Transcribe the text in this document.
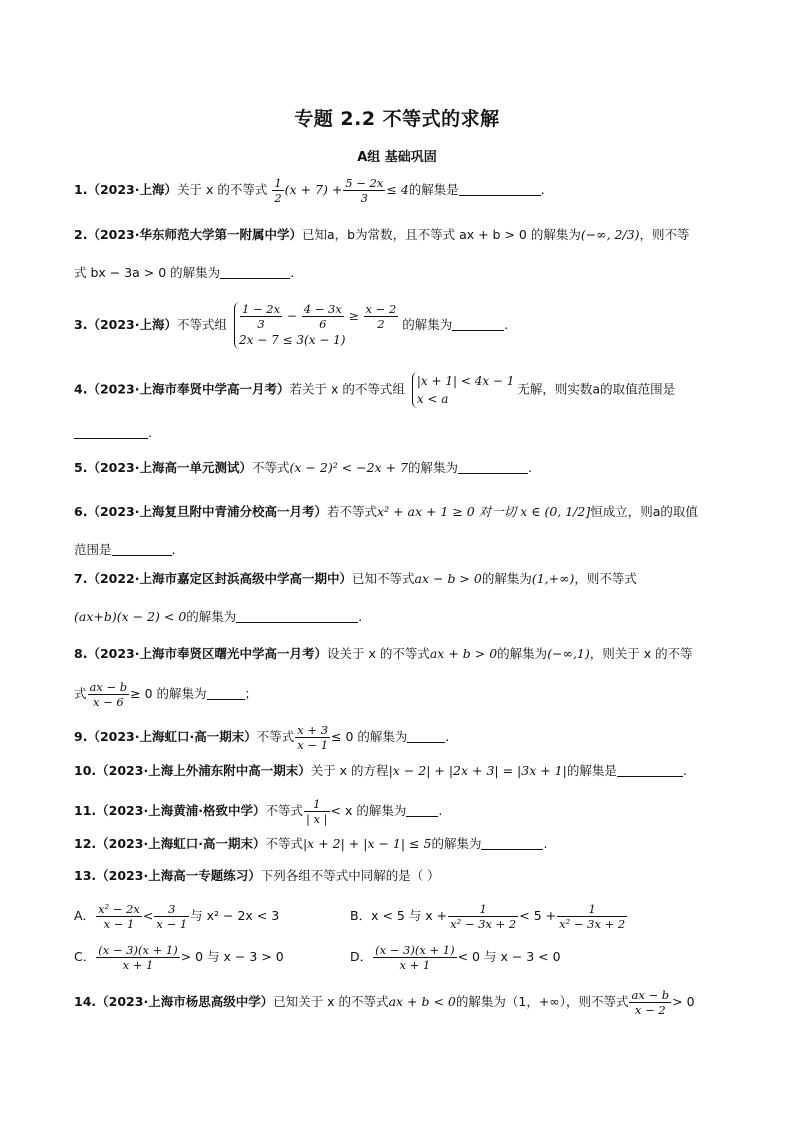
专题 2.2 不等式的求解
A组 基础巩固
1.（2023·上海）关于 x 的不等式 $\frac{1}{2} (x + 7) + \frac{5 - 2x}{3} \le 4$的解集是	.
2.（2023·华东师范大学第一附属中学）已知a，b为常数，且不等式 ax + b > 0 的解集为(−∞, 2/3)，则不等
式 bx − 3a > 0 的解集为	.
3.（2023·上海）不等式组 $\frac{1 - 2x}{3} - \frac{4 - 3x}{6} \ge \frac{x - 2}{2}$
2x − 7 ≤ 3(x − 1)
的解集为	.
4.（2023·上海市奉贤中学高一月考）若关于 x 的不等式组
|x + 1| < 4x − 1
x < a
无解，则实数a的取值范围是
.
5.（2023·上海高一单元测试）不等式(x − 2)² < −2x + 7的解集为	.
6.（2023·上海复旦附中青浦分校高一月考）若不等式x² + ax + 1 ≥ 0 对一切 x ∈ (0, 1/2]恒成立，则a的取值
范围是	.
7.（2022·上海市嘉定区封浜高级中学高一期中）已知不等式ax − b > 0的解集为(1,+∞)，则不等式
(ax+b)(x − 2) < 0的解集为	.
8.（2023·上海市奉贤区曙光中学高一月考）设关于 x 的不等式ax + b > 0的解集为(−∞,1)，则关于 x 的不等
式 $\frac{ax - b}{x - 6} \ge 0$ 的解集为	；
9.（2023·上海虹口·高一期末）不等式 $\frac{x + 3}{x - 1} \le 0$ 的解集为	.
10.（2023·上海上外浦东附中高一期末）关于 x 的方程|x − 2| + |2x + 3| = |3x + 1|的解集是	.
11.（2023·上海黄浦·格致中学）不等式 $\frac{1}{| x |} < x$ 的解集为	.
12.（2023·上海虹口·高一期末）不等式|x + 2| + |x − 1| ≤ 5的解集为	.
13.（2023·上海高一专题练习）下列各组不等式中同解的是（ ）
A． $\frac{\text{x² − 2x}}{x - 1} < \frac{3}{x - 1}$ 与 x² − 2x < 3	B．x < 5 与 $x + \frac{1}{\text{x² − 3x + 2}} < 5 + \frac{1}{\text{x² − 3x + 2}}$
C． $\frac{(x - 3)(x + 1)}{x + 1} > 0$ 与 x − 3 > 0	D． $\frac{(x - 3)(x + 1)}{x + 1} < 0$ 与 x − 3 < 0
14.（2023·上海市杨思高级中学）已知关于 x 的不等式ax + b < 0的解集为（1，+∞），则不等式 $\frac{ax - b}{x - 2} > 0$
